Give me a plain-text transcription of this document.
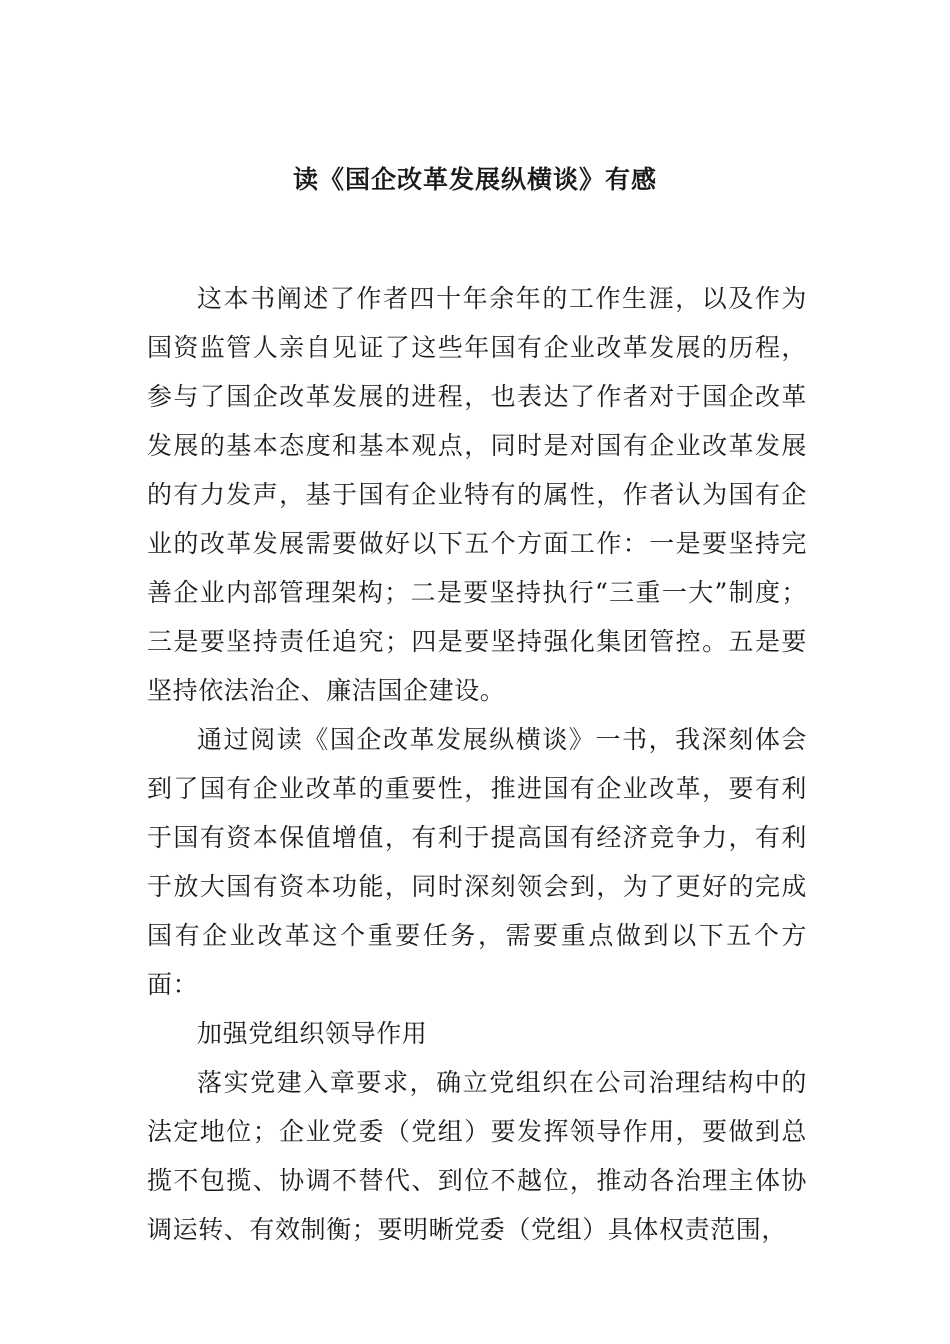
读《国企改革发展纵横谈》有感

这本书阐述了作者四十年余年的工作生涯，以及作为国资监管人亲自见证了这些年国有企业改革发展的历程，参与了国企改革发展的进程，也表达了作者对于国企改革发展的基本态度和基本观点，同时是对国有企业改革发展的有力发声，基于国有企业特有的属性，作者认为国有企业的改革发展需要做好以下五个方面工作：一是要坚持完善企业内部管理架构；二是要坚持执行“三重一大”制度；三是要坚持责任追究；四是要坚持强化集团管控。五是要坚持依法治企、廉洁国企建设。

通过阅读《国企改革发展纵横谈》一书，我深刻体会到了国有企业改革的重要性，推进国有企业改革，要有利于国有资本保值增值，有利于提高国有经济竞争力，有利于放大国有资本功能，同时深刻领会到，为了更好的完成国有企业改革这个重要任务，需要重点做到以下五个方面：

加强党组织领导作用

落实党建入章要求，确立党组织在公司治理结构中的法定地位；企业党委（党组）要发挥领导作用，要做到总揽不包揽、协调不替代、到位不越位，推动各治理主体协调运转、有效制衡；要明晰党委（党组）具体权责范围，
